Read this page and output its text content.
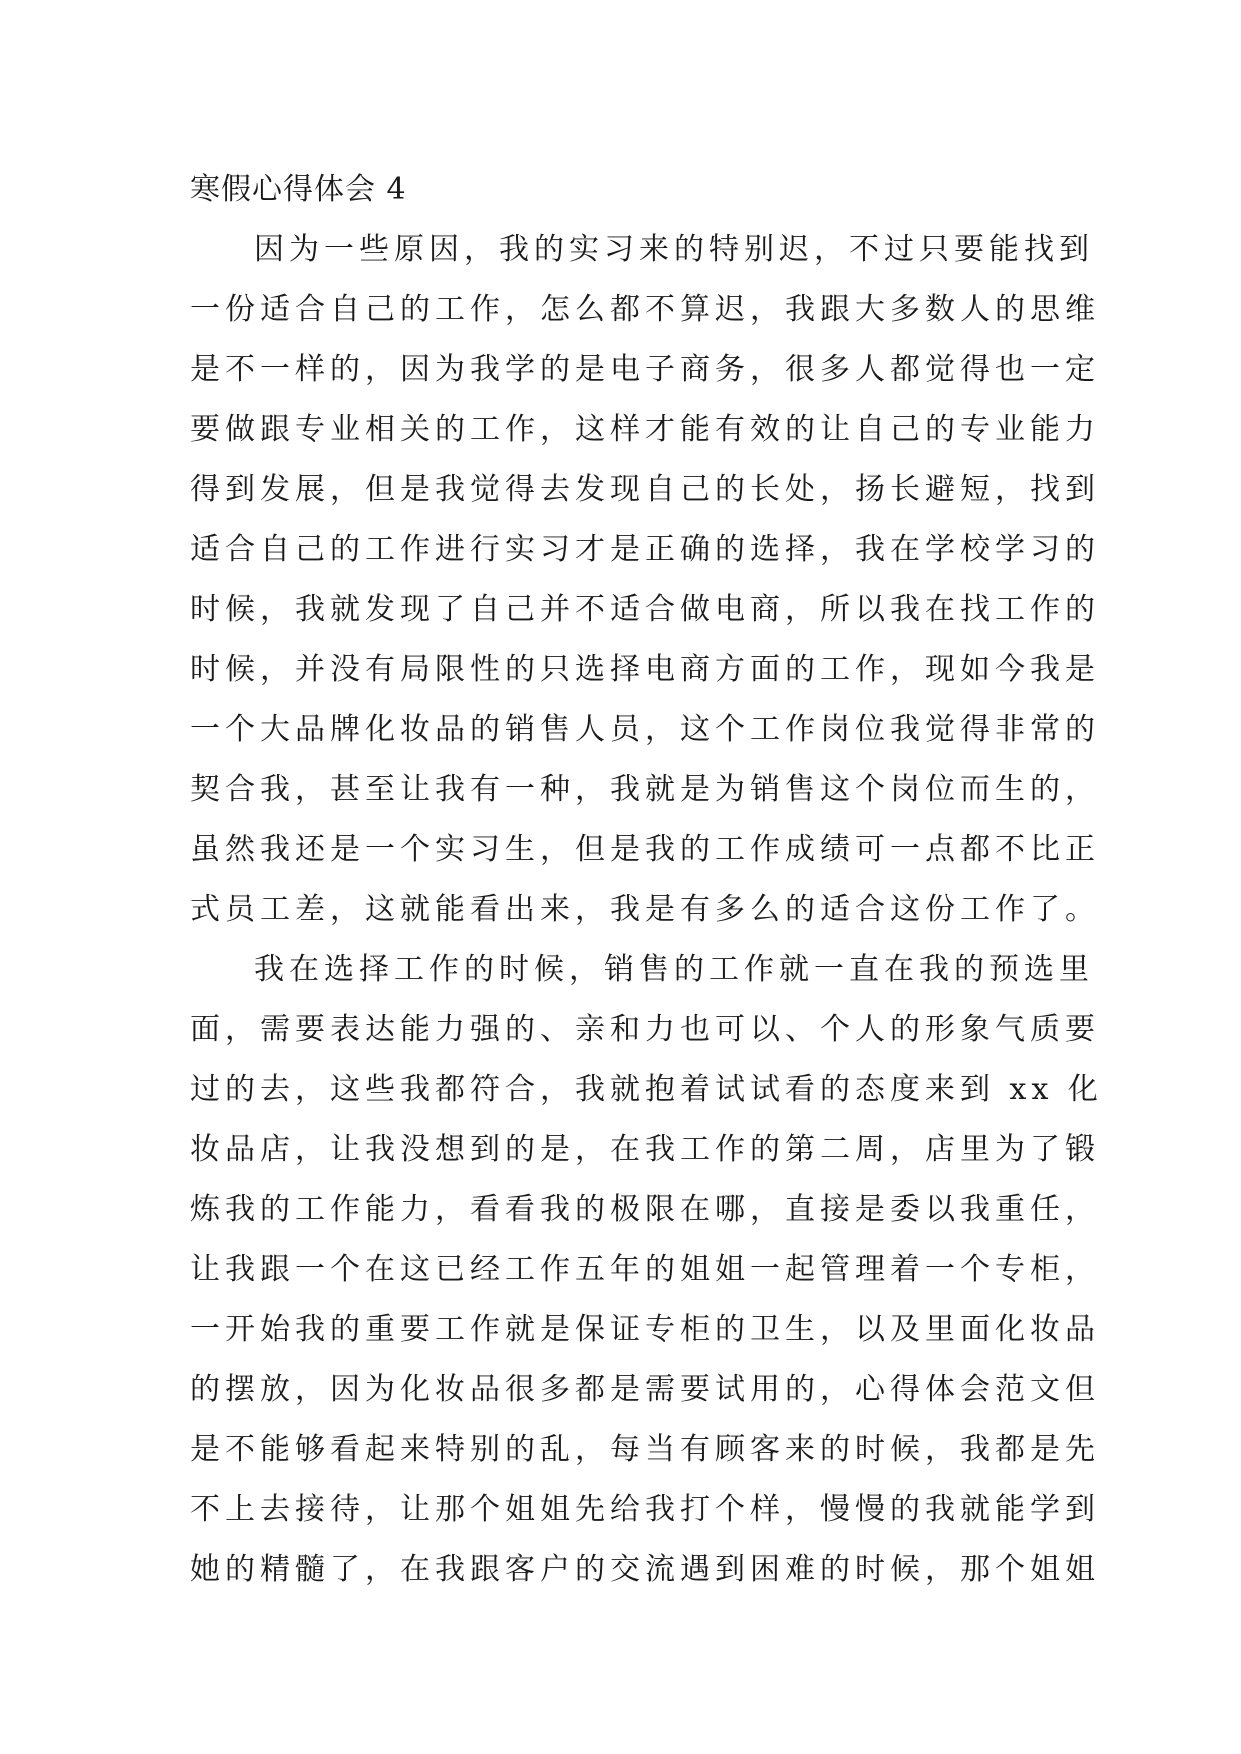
寒假心得体会 4

因为一些原因，我的实习来的特别迟，不过只要能找到
一份适合自己的工作，怎么都不算迟，我跟大多数人的思维
是不一样的，因为我学的是电子商务，很多人都觉得也一定
要做跟专业相关的工作，这样才能有效的让自己的专业能力
得到发展，但是我觉得去发现自己的长处，扬长避短，找到
适合自己的工作进行实习才是正确的选择，我在学校学习的
时候，我就发现了自己并不适合做电商，所以我在找工作的
时候，并没有局限性的只选择电商方面的工作，现如今我是
一个大品牌化妆品的销售人员，这个工作岗位我觉得非常的
契合我，甚至让我有一种，我就是为销售这个岗位而生的，
虽然我还是一个实习生，但是我的工作成绩可一点都不比正
式员工差，这就能看出来，我是有多么的适合这份工作了。

我在选择工作的时候，销售的工作就一直在我的预选里
面，需要表达能力强的、亲和力也可以、个人的形象气质要
过的去，这些我都符合，我就抱着试试看的态度来到 xx 化
妆品店，让我没想到的是，在我工作的第二周，店里为了锻
炼我的工作能力，看看我的极限在哪，直接是委以我重任，
让我跟一个在这已经工作五年的姐姐一起管理着一个专柜，
一开始我的重要工作就是保证专柜的卫生，以及里面化妆品
的摆放，因为化妆品很多都是需要试用的，心得体会范文但
是不能够看起来特别的乱，每当有顾客来的时候，我都是先
不上去接待，让那个姐姐先给我打个样，慢慢的我就能学到
她的精髓了，在我跟客户的交流遇到困难的时候，那个姐姐
